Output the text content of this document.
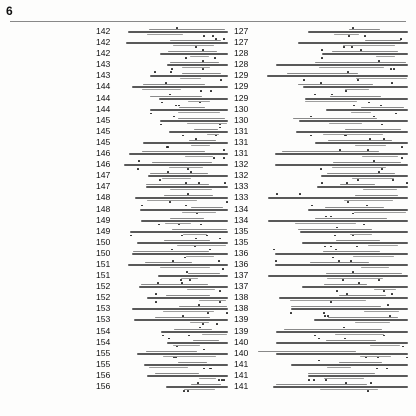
6
142
142
142
143
143
144
144
144
145
145
145
146
146
147
147
148
148
149
149
150
150
151
151
152
152
153
153
154
154
155
155
156
156
127
127
128
128
129
129
129
130
130
131
131
131
132
132
133
133
134
134
135
135
136
136
137
137
138
138
139
139
140
140
141
141
141
